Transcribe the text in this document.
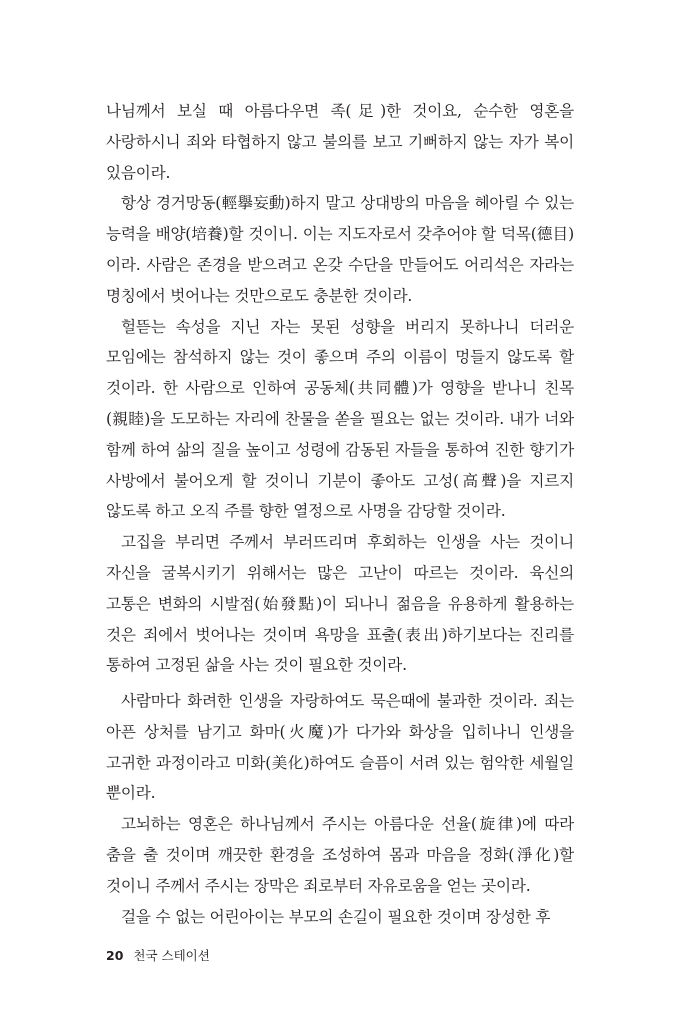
나님께서 보실 때 아름다우면 족(足)한 것이요, 순수한 영혼을 사랑하시니 죄와 타협하지 않고 불의를 보고 기뻐하지 않는 자가 복이 있음이라.

항상 경거망동(輕擧妄動)하지 말고 상대방의 마음을 헤아릴 수 있는 능력을 배양(培養)할 것이니. 이는 지도자로서 갖추어야 할 덕목(德目)이라. 사람은 존경을 받으려고 온갖 수단을 만들어도 어리석은 자라는 명칭에서 벗어나는 것만으로도 충분한 것이라.

헐뜯는 속성을 지닌 자는 못된 성향을 버리지 못하나니 더러운 모임에는 참석하지 않는 것이 좋으며 주의 이름이 멍들지 않도록 할 것이라. 한 사람으로 인하여 공동체(共同體)가 영향을 받나니 친목(親睦)을 도모하는 자리에 찬물을 쏟을 필요는 없는 것이라. 내가 너와 함께 하여 삶의 질을 높이고 성령에 감동된 자들을 통하여 진한 향기가 사방에서 불어오게 할 것이니 기분이 좋아도 고성(高聲)을 지르지 않도록 하고 오직 주를 향한 열정으로 사명을 감당할 것이라.

고집을 부리면 주께서 부러뜨리며 후회하는 인생을 사는 것이니 자신을 굴복시키기 위해서는 많은 고난이 따르는 것이라. 육신의 고통은 변화의 시발점(始發點)이 되나니 젊음을 유용하게 활용하는 것은 죄에서 벗어나는 것이며 욕망을 표출(表出)하기보다는 진리를 통하여 고정된 삶을 사는 것이 필요한 것이라.

사람마다 화려한 인생을 자랑하여도 묵은때에 불과한 것이라. 죄는 아픈 상처를 남기고 화마(火魔)가 다가와 화상을 입히나니 인생을 고귀한 과정이라고 미화(美化)하여도 슬픔이 서려 있는 험악한 세월일 뿐이라.

고뇌하는 영혼은 하나님께서 주시는 아름다운 선율(旋律)에 따라 춤을 출 것이며 깨끗한 환경을 조성하여 몸과 마음을 정화(淨化)할 것이니 주께서 주시는 장막은 죄로부터 자유로움을 얻는 곳이라.

걸을 수 없는 어린아이는 부모의 손길이 필요한 것이며 장성한 후

20 천국 스테이션
